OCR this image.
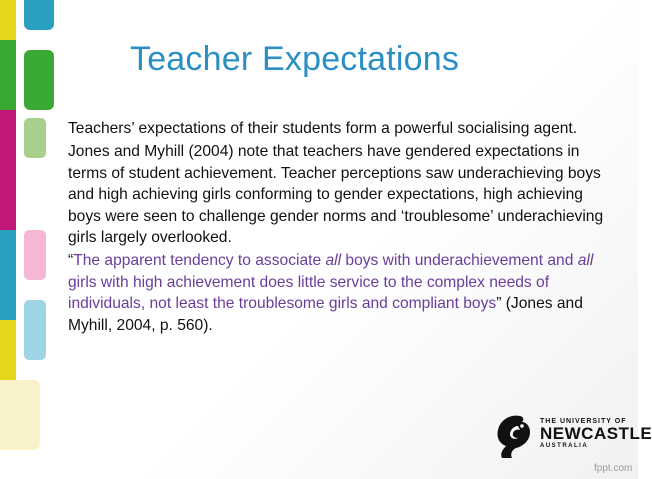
Teacher Expectations

Teachers’ expectations of their students form a powerful socialising agent.

Jones and Myhill (2004) note that teachers have gendered expectations in terms of student achievement. Teacher perceptions saw underachieving boys and high achieving girls conforming to gender expectations, high achieving boys were seen to challenge gender norms and ‘troublesome’ underachieving girls largely overlooked.

“The apparent tendency to associate all boys with underachievement and all girls with high achievement does little service to the complex needs of individuals, not least the troublesome girls and compliant boys” (Jones and Myhill, 2004, p. 560).

THE UNIVERSITY OF
NEWCASTLE
AUSTRALIA
fppt.com
